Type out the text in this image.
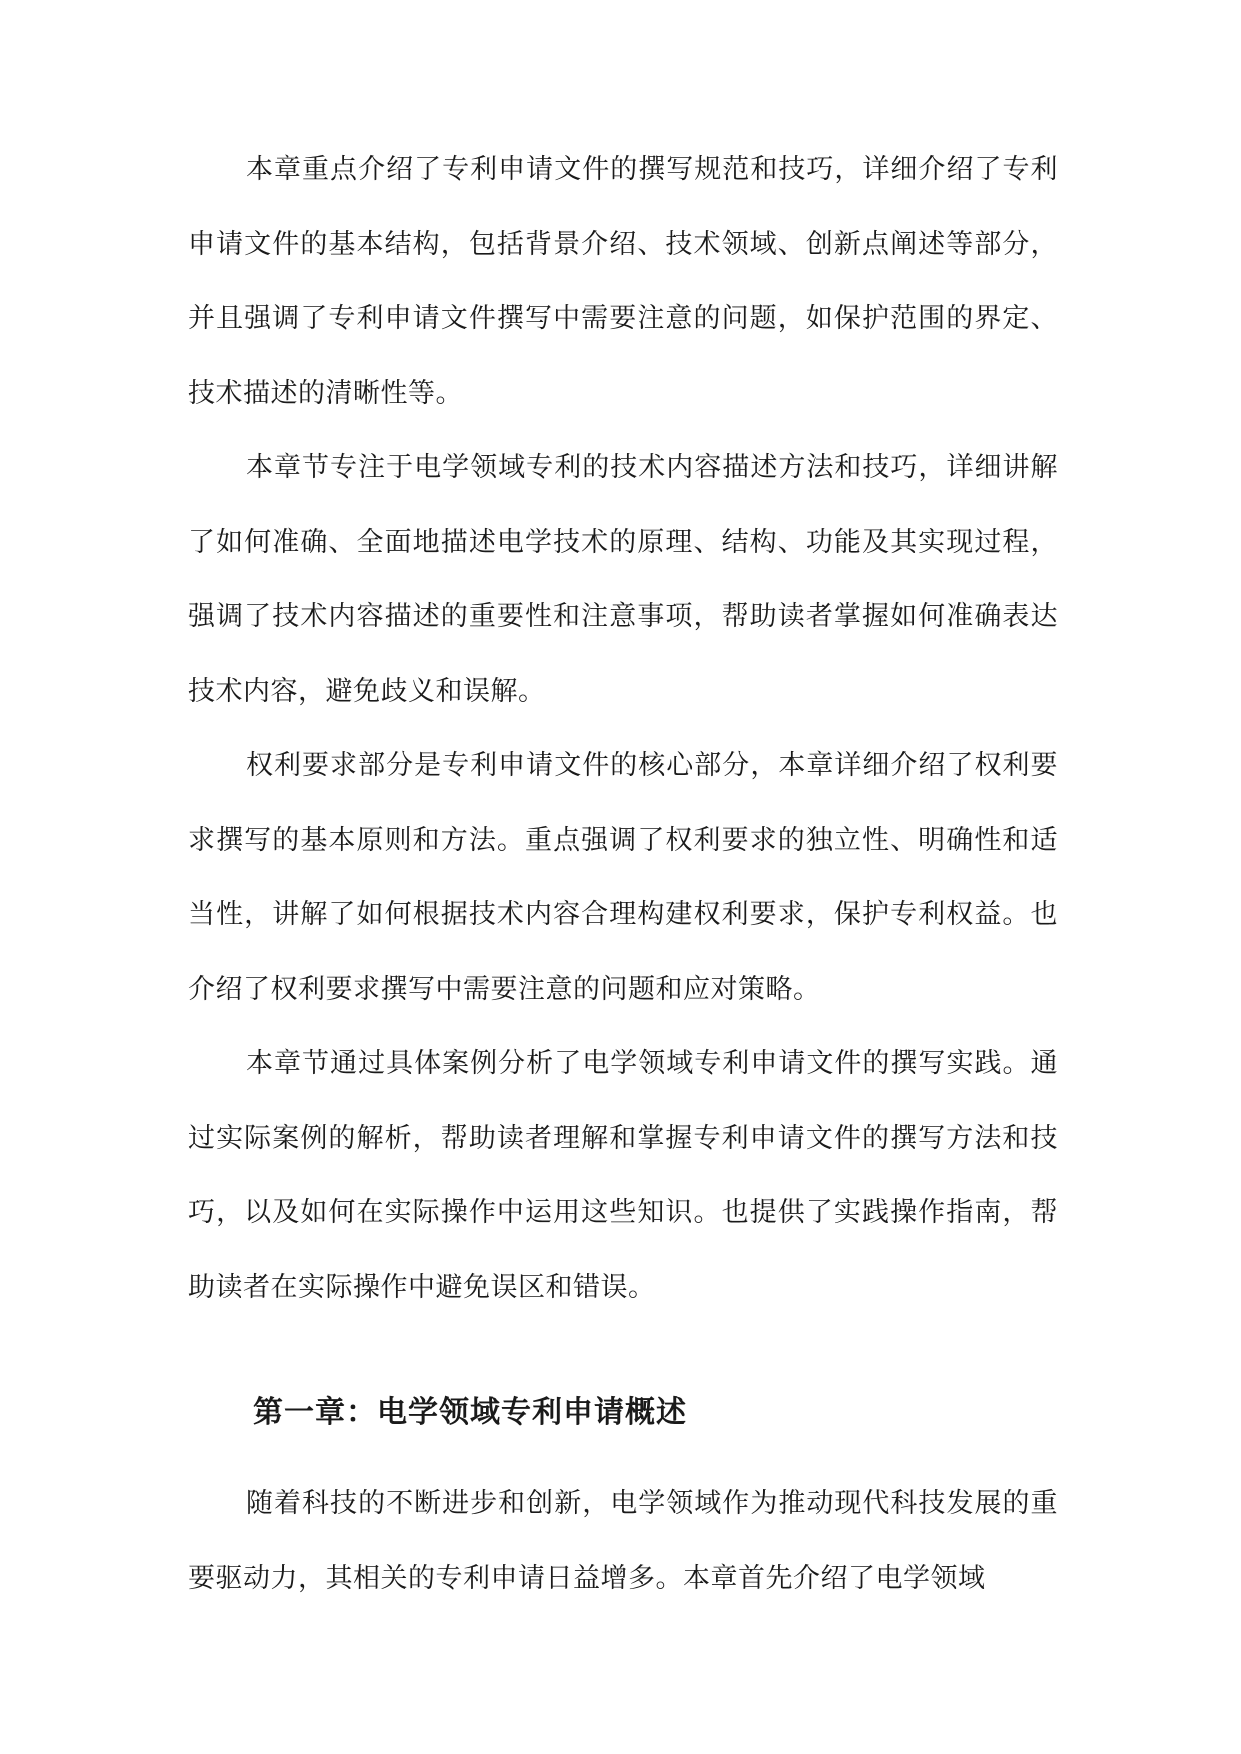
本章重点介绍了专利申请文件的撰写规范和技巧，详细介绍了专利申请文件的基本结构，包括背景介绍、技术领域、创新点阐述等部分，并且强调了专利申请文件撰写中需要注意的问题，如保护范围的界定、技术描述的清晰性等。

本章节专注于电学领域专利的技术内容描述方法和技巧，详细讲解了如何准确、全面地描述电学技术的原理、结构、功能及其实现过程，强调了技术内容描述的重要性和注意事项，帮助读者掌握如何准确表达技术内容，避免歧义和误解。

权利要求部分是专利申请文件的核心部分，本章详细介绍了权利要求撰写的基本原则和方法。重点强调了权利要求的独立性、明确性和适当性，讲解了如何根据技术内容合理构建权利要求，保护专利权益。也介绍了权利要求撰写中需要注意的问题和应对策略。

本章节通过具体案例分析了电学领域专利申请文件的撰写实践。通过实际案例的解析，帮助读者理解和掌握专利申请文件的撰写方法和技巧，以及如何在实际操作中运用这些知识。也提供了实践操作指南，帮助读者在实际操作中避免误区和错误。

第一章：电学领域专利申请概述

随着科技的不断进步和创新，电学领域作为推动现代科技发展的重要驱动力，其相关的专利申请日益增多。本章首先介绍了电学领域
